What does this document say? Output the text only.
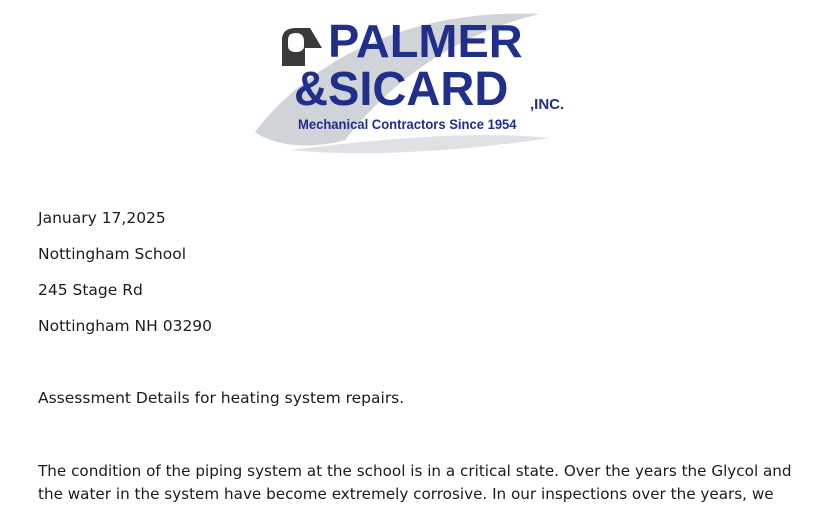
PALMER
&SICARD ,INC.
Mechanical Contractors Since 1954
January 17,2025
Nottingham School
245 Stage Rd
Nottingham NH 03290
Assessment Details for heating system repairs.
The condition of the piping system at the school is in a critical state. Over the years the Glycol and
the water in the system have become extremely corrosive. In our inspections over the years, we
